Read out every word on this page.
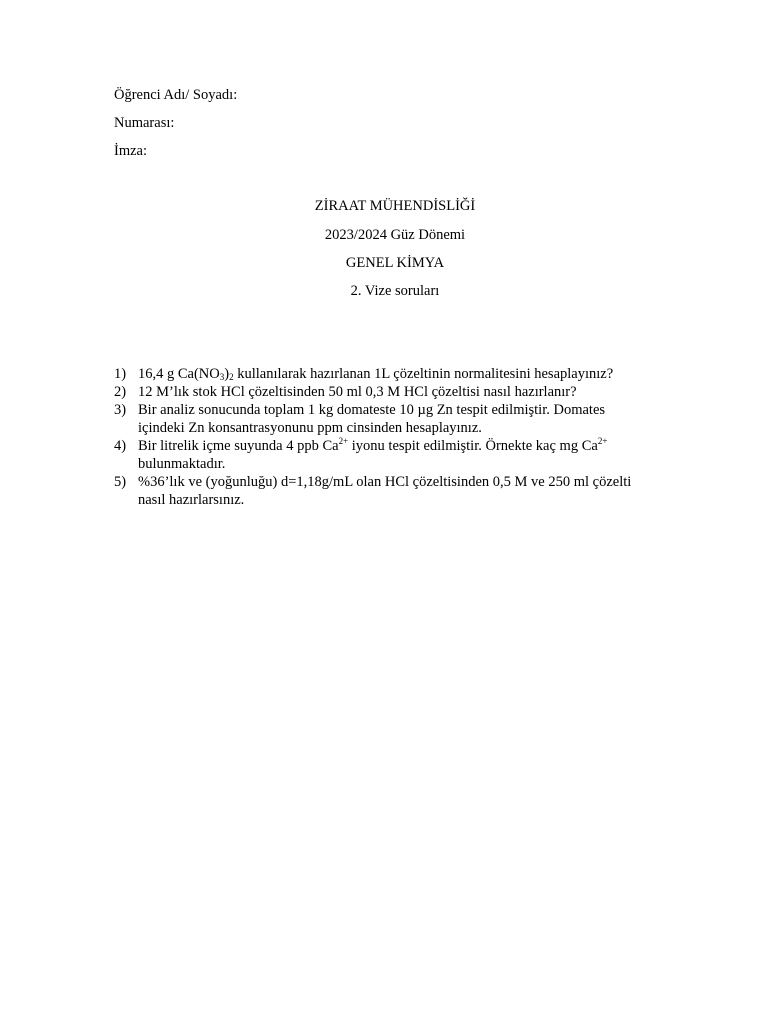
Öğrenci Adı/ Soyadı:
Numarası:
İmza:
ZİRAAT MÜHENDİSLİĞİ
2023/2024 Güz Dönemi
GENEL KİMYA
2. Vize soruları
1) 16,4 g $Ca(NO_3)_2$ kullanılarak hazırlanan 1L çözeltinin normalitesini hesaplayınız?
2) 12 M’lık stok HCl çözeltisinden 50 ml 0,3 M HCl çözeltisi nasıl hazırlanır?
3) Bir analiz sonucunda toplam 1 kg domateste 10 µg Zn tespit edilmiştir. Domates
içindeki Zn konsantrasyonunu ppm cinsinden hesaplayınız.
4) Bir litrelik içme suyunda 4 ppb $Ca^{2+}$ iyonu tespit edilmiştir. Örnekte kaç mg $Ca^{2+}$
bulunmaktadır.
5) %36’lık ve (yoğunluğu) d=1,18g/mL olan HCl çözeltisinden 0,5 M ve 250 ml çözelti
nasıl hazırlarsınız.
